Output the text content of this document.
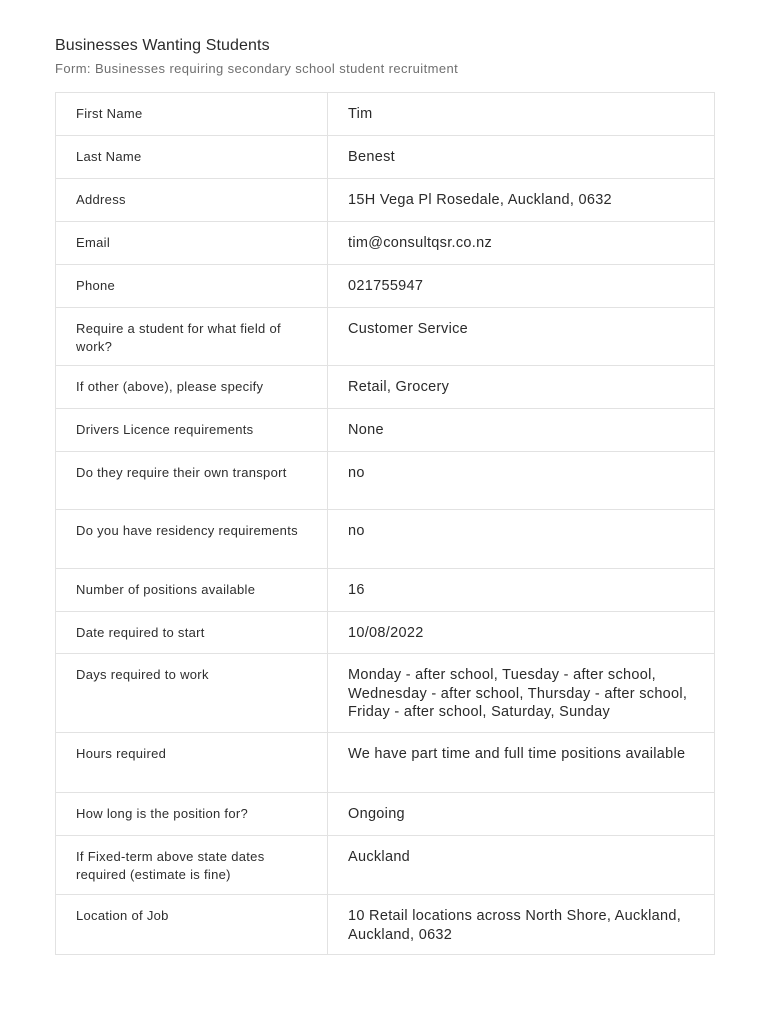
Businesses Wanting Students
Form: Businesses requiring secondary school student recruitment
First Name	Tim
Last Name	Benest
Address	15H Vega Pl Rosedale, Auckland, 0632
Email	tim@consultqsr.co.nz
Phone	021755947
Require a student for what field of work?	Customer Service
If other (above), please specify	Retail, Grocery
Drivers Licence requirements	None
Do they require their own transport	no
Do you have residency requirements	no
Number of positions available	16
Date required to start	10/08/2022
Days required to work	Monday - after school, Tuesday - after school, Wednesday - after school, Thursday - after school, Friday - after school, Saturday, Sunday
Hours required	We have part time and full time positions available
How long is the position for?	Ongoing
If Fixed-term above state dates required (estimate is fine)	Auckland
Location of Job	10 Retail locations across North Shore, Auckland, Auckland, 0632
